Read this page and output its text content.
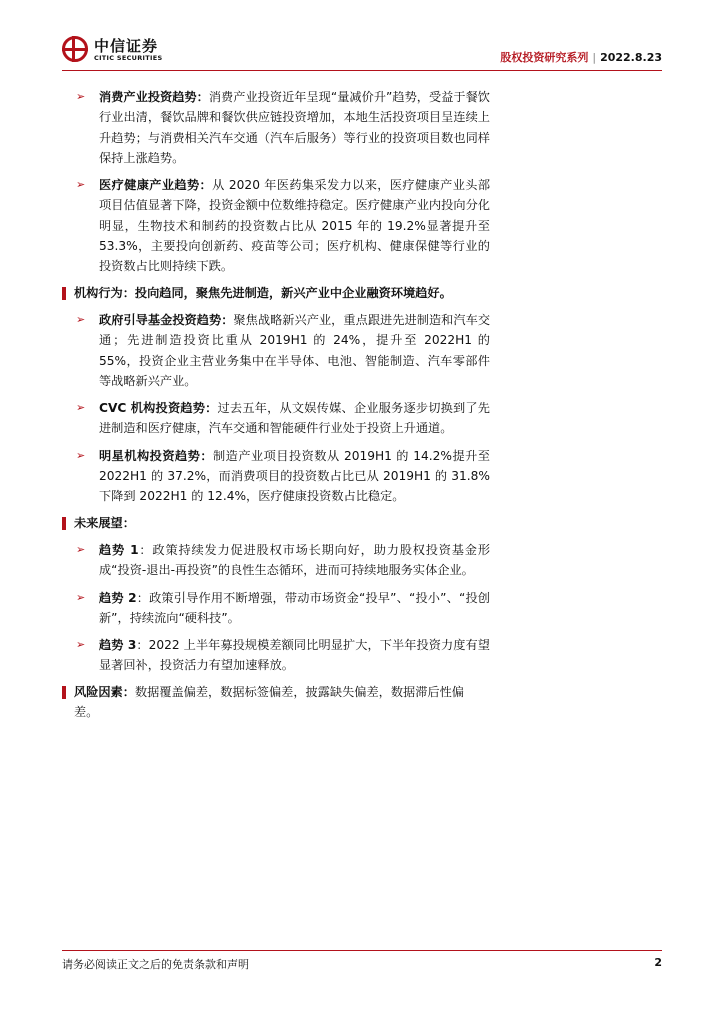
中信证券
CITIC SECURITIES	股权投资研究系列 | 2022.8.23
➢ 消费产业投资趋势：消费产业投资近年呈现“量减价升”趋势，受益于餐饮行业出清，餐饮品牌和餐饮供应链投资增加，本地生活投资项目呈连续上升趋势；与消费相关汽车交通（汽车后服务）等行业的投资项目数也同样保持上涨趋势。
➢ 医疗健康产业趋势：从 2020 年医药集采发力以来，医疗健康产业头部项目估值显著下降，投资金额中位数维持稳定。医疗健康产业内投向分化明显，生物技术和制药的投资数占比从 2015 年的 19.2%显著提升至 53.3%，主要投向创新药、疫苗等公司；医疗机构、健康保健等行业的投资数占比则持续下跌。
机构行为：投向趋同，聚焦先进制造，新兴产业中企业融资环境趋好。
➢ 政府引导基金投资趋势：聚焦战略新兴产业，重点跟进先进制造和汽车交通；先进制造投资比重从 2019H1 的 24%，提升至 2022H1 的 55%，投资企业主营业务集中在半导体、电池、智能制造、汽车零部件等战略新兴产业。
➢ CVC 机构投资趋势：过去五年，从文娱传媒、企业服务逐步切换到了先进制造和医疗健康，汽车交通和智能硬件行业处于投资上升通道。
➢ 明星机构投资趋势：制造产业项目投资数从 2019H1 的 14.2%提升至 2022H1 的 37.2%，而消费项目的投资数占比已从 2019H1 的 31.8%下降到 2022H1 的 12.4%，医疗健康投资数占比稳定。
未来展望：
➢ 趋势 1：政策持续发力促进股权市场长期向好，助力股权投资基金形成“投资-退出-再投资”的良性生态循环，进而可持续地服务实体企业。
➢ 趋势 2：政策引导作用不断增强，带动市场资金“投早”、“投小”、“投创新”，持续流向“硬科技”。
➢ 趋势 3：2022 上半年募投规模差额同比明显扩大，下半年投资力度有望显著回补，投资活力有望加速释放。
风险因素：数据覆盖偏差，数据标签偏差，披露缺失偏差，数据滞后性偏差。
请务必阅读正文之后的免责条款和声明	2
